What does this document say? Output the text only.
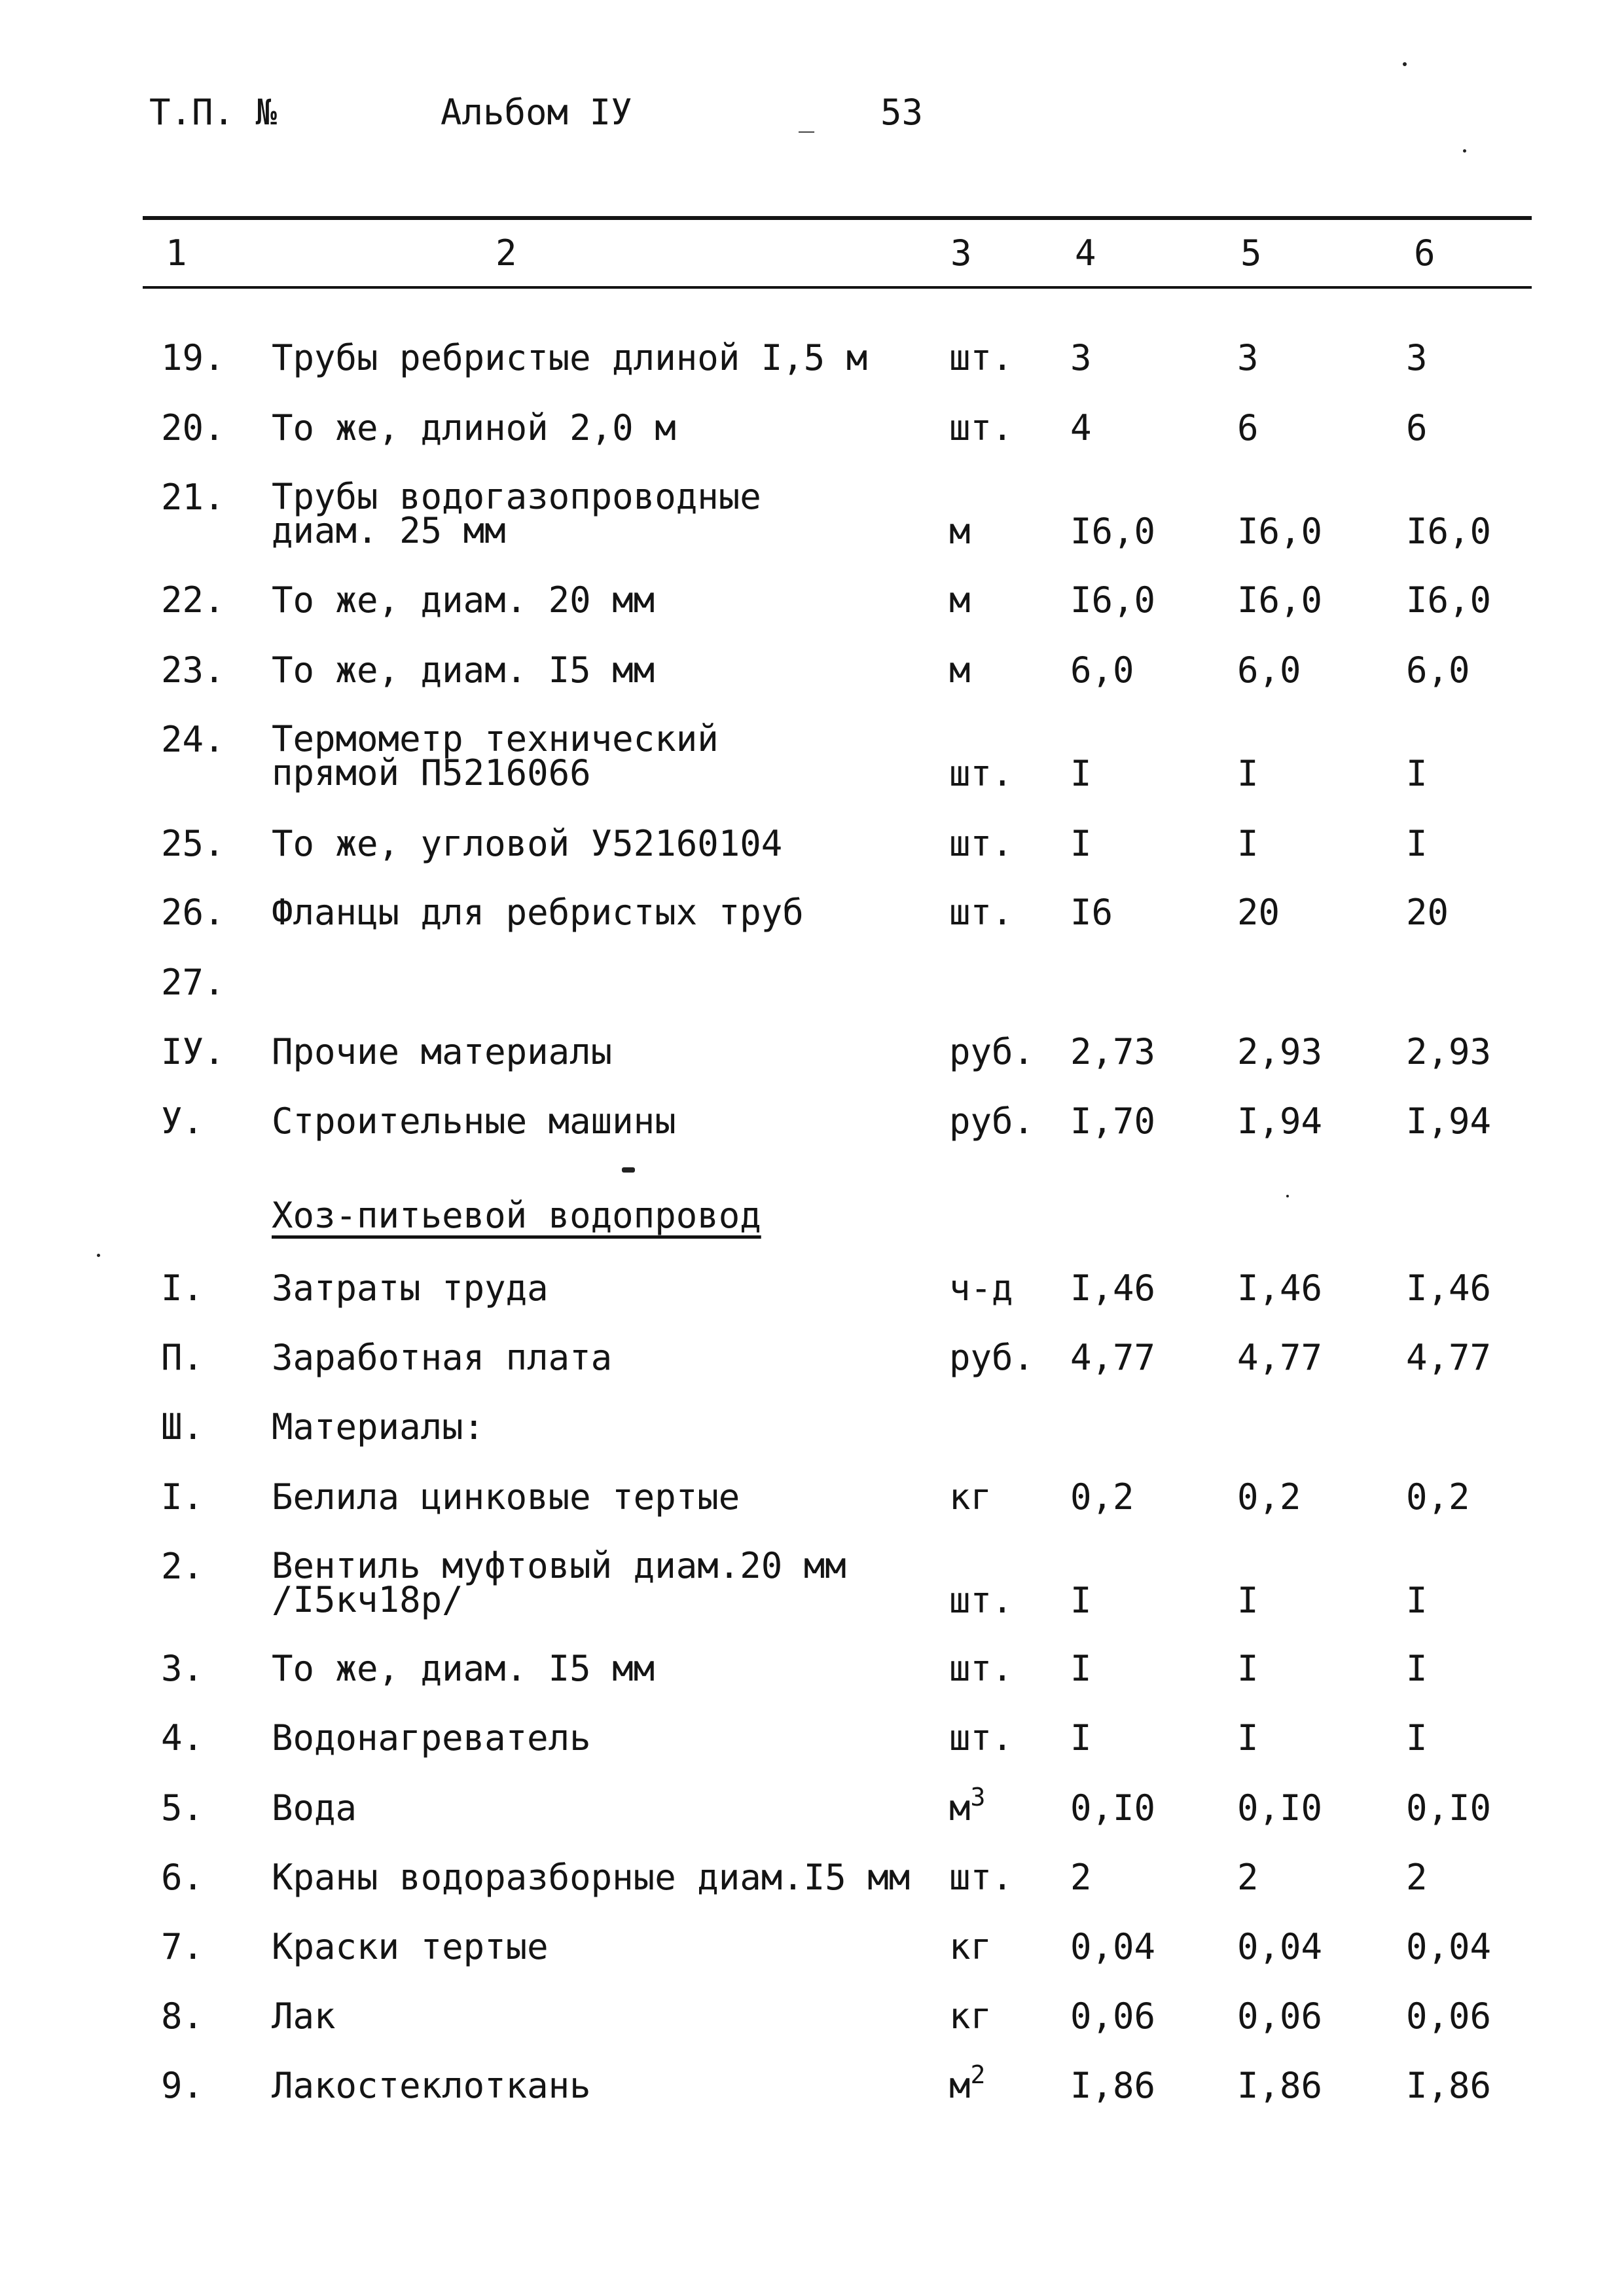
Т.П. №	Альбом IУ	_ 53
1	2	3	4	5	6
19. Трубы ребристые длиной I,5 м шт. 3	3	3
20. То же, длиной 2,0 м	шт. 4	6	6
21. Трубы водогазопроводные
диам. 25 мм	м	I6,0 I6,0 I6,0
22. То же, диам. 20 мм	м	I6,0 I6,0 I6,0
23. То же, диам. I5 мм	м	6,0	6,0	6,0
24. Термометр технический
прямой П5216066	шт. I	I	I
25. То же, угловой У52160104	шт. I	I	I
26. Фланцы для ребристых труб	шт. I6	20	20
27.
IУ. Прочие материалы	руб. 2,73 2,93 2,93
У. Строительные машины	руб. I,70 I,94 I,94
Хоз-питьевой водопровод
I. Затраты труда	ч-д I,46 I,46 I,46
П. Заработная плата	руб. 4,77 4,77 4,77
Ш. Материалы:
I. Белила цинковые тертые	кг 0,2	0,2	0,2
2. Вентиль муфтовый диам.20 мм
/I5кч18р/	шт. I	I	I
3. То же, диам. I5 мм	шт. I	I	I
4. Водонагреватель	шт. I	I	I
5. Вода	$м^3$ 0,I0 0,I0 0,I0
6. Краны водоразборные диам.I5 мм шт. 2	2	2
7. Краски тертые	кг 0,04 0,04 0,04
8. Лак	кг 0,06 0,06 0,06
9. Лакостеклоткань	$м^2$ I,86 I,86 I,86
